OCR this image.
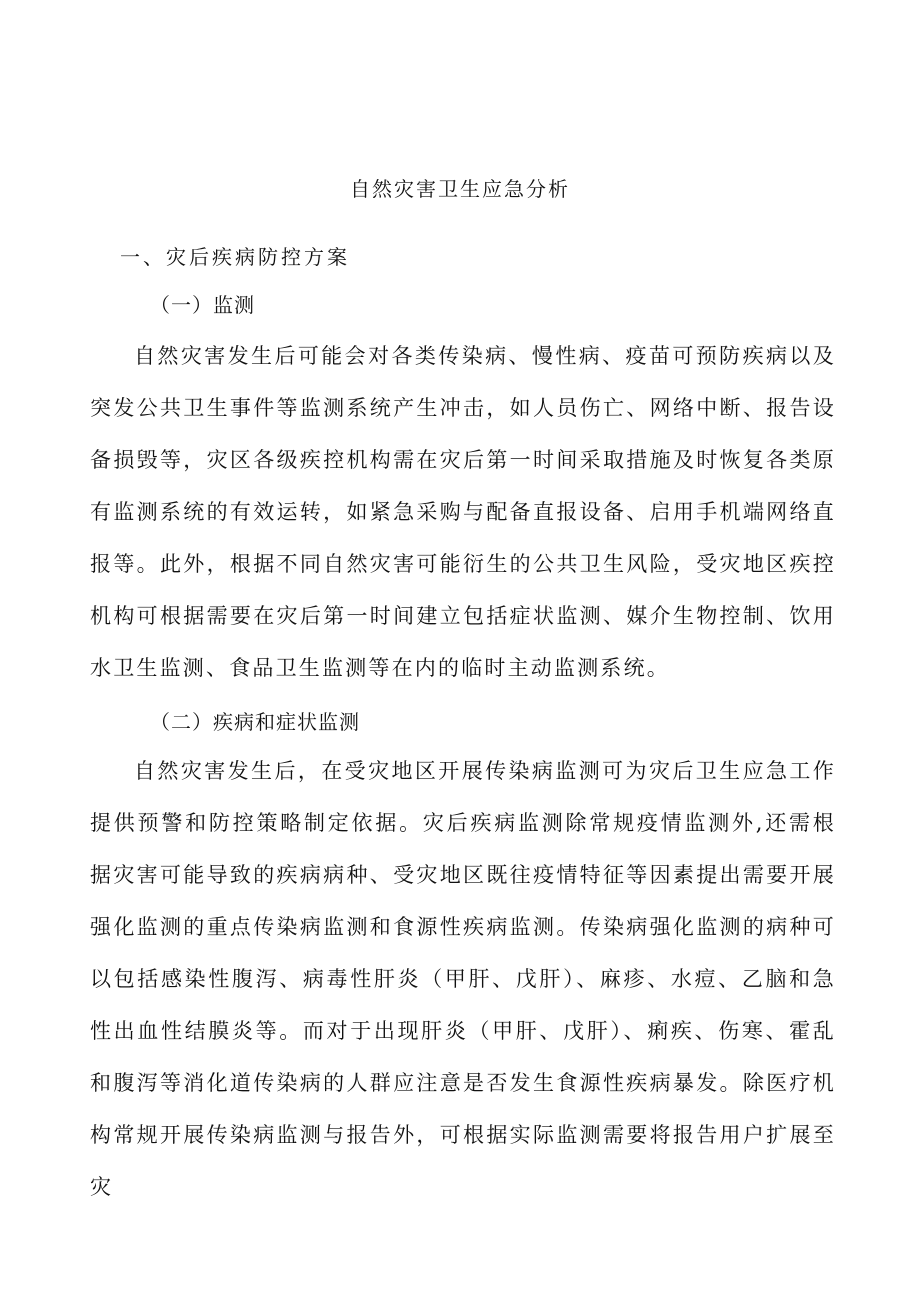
自然灾害卫生应急分析
一、灾后疾病防控方案
（一）监测

自然灾害发生后可能会对各类传染病、慢性病、疫苗可预防疾病以及突发公共卫生事件等监测系统产生冲击，如人员伤亡、网络中断、报告设备损毁等，灾区各级疾控机构需在灾后第一时间采取措施及时恢复各类原有监测系统的有效运转，如紧急采购与配备直报设备、启用手机端网络直报等。此外，根据不同自然灾害可能衍生的公共卫生风险，受灾地区疾控机构可根据需要在灾后第一时间建立包括症状监测、媒介生物控制、饮用水卫生监测、食品卫生监测等在内的临时主动监测系统。

（二）疾病和症状监测

自然灾害发生后，在受灾地区开展传染病监测可为灾后卫生应急工作提供预警和防控策略制定依据。灾后疾病监测除常规疫情监测外,还需根据灾害可能导致的疾病病种、受灾地区既往疫情特征等因素提出需要开展强化监测的重点传染病监测和食源性疾病监测。传染病强化监测的病种可以包括感染性腹泻、病毒性肝炎（甲肝、戊肝）、麻疹、水痘、乙脑和急性出血性结膜炎等。而对于出现肝炎（甲肝、戊肝）、痢疾、伤寒、霍乱和腹泻等消化道传染病的人群应注意是否发生食源性疾病暴发。除医疗机构常规开展传染病监测与报告外，可根据实际监测需要将报告用户扩展至灾
